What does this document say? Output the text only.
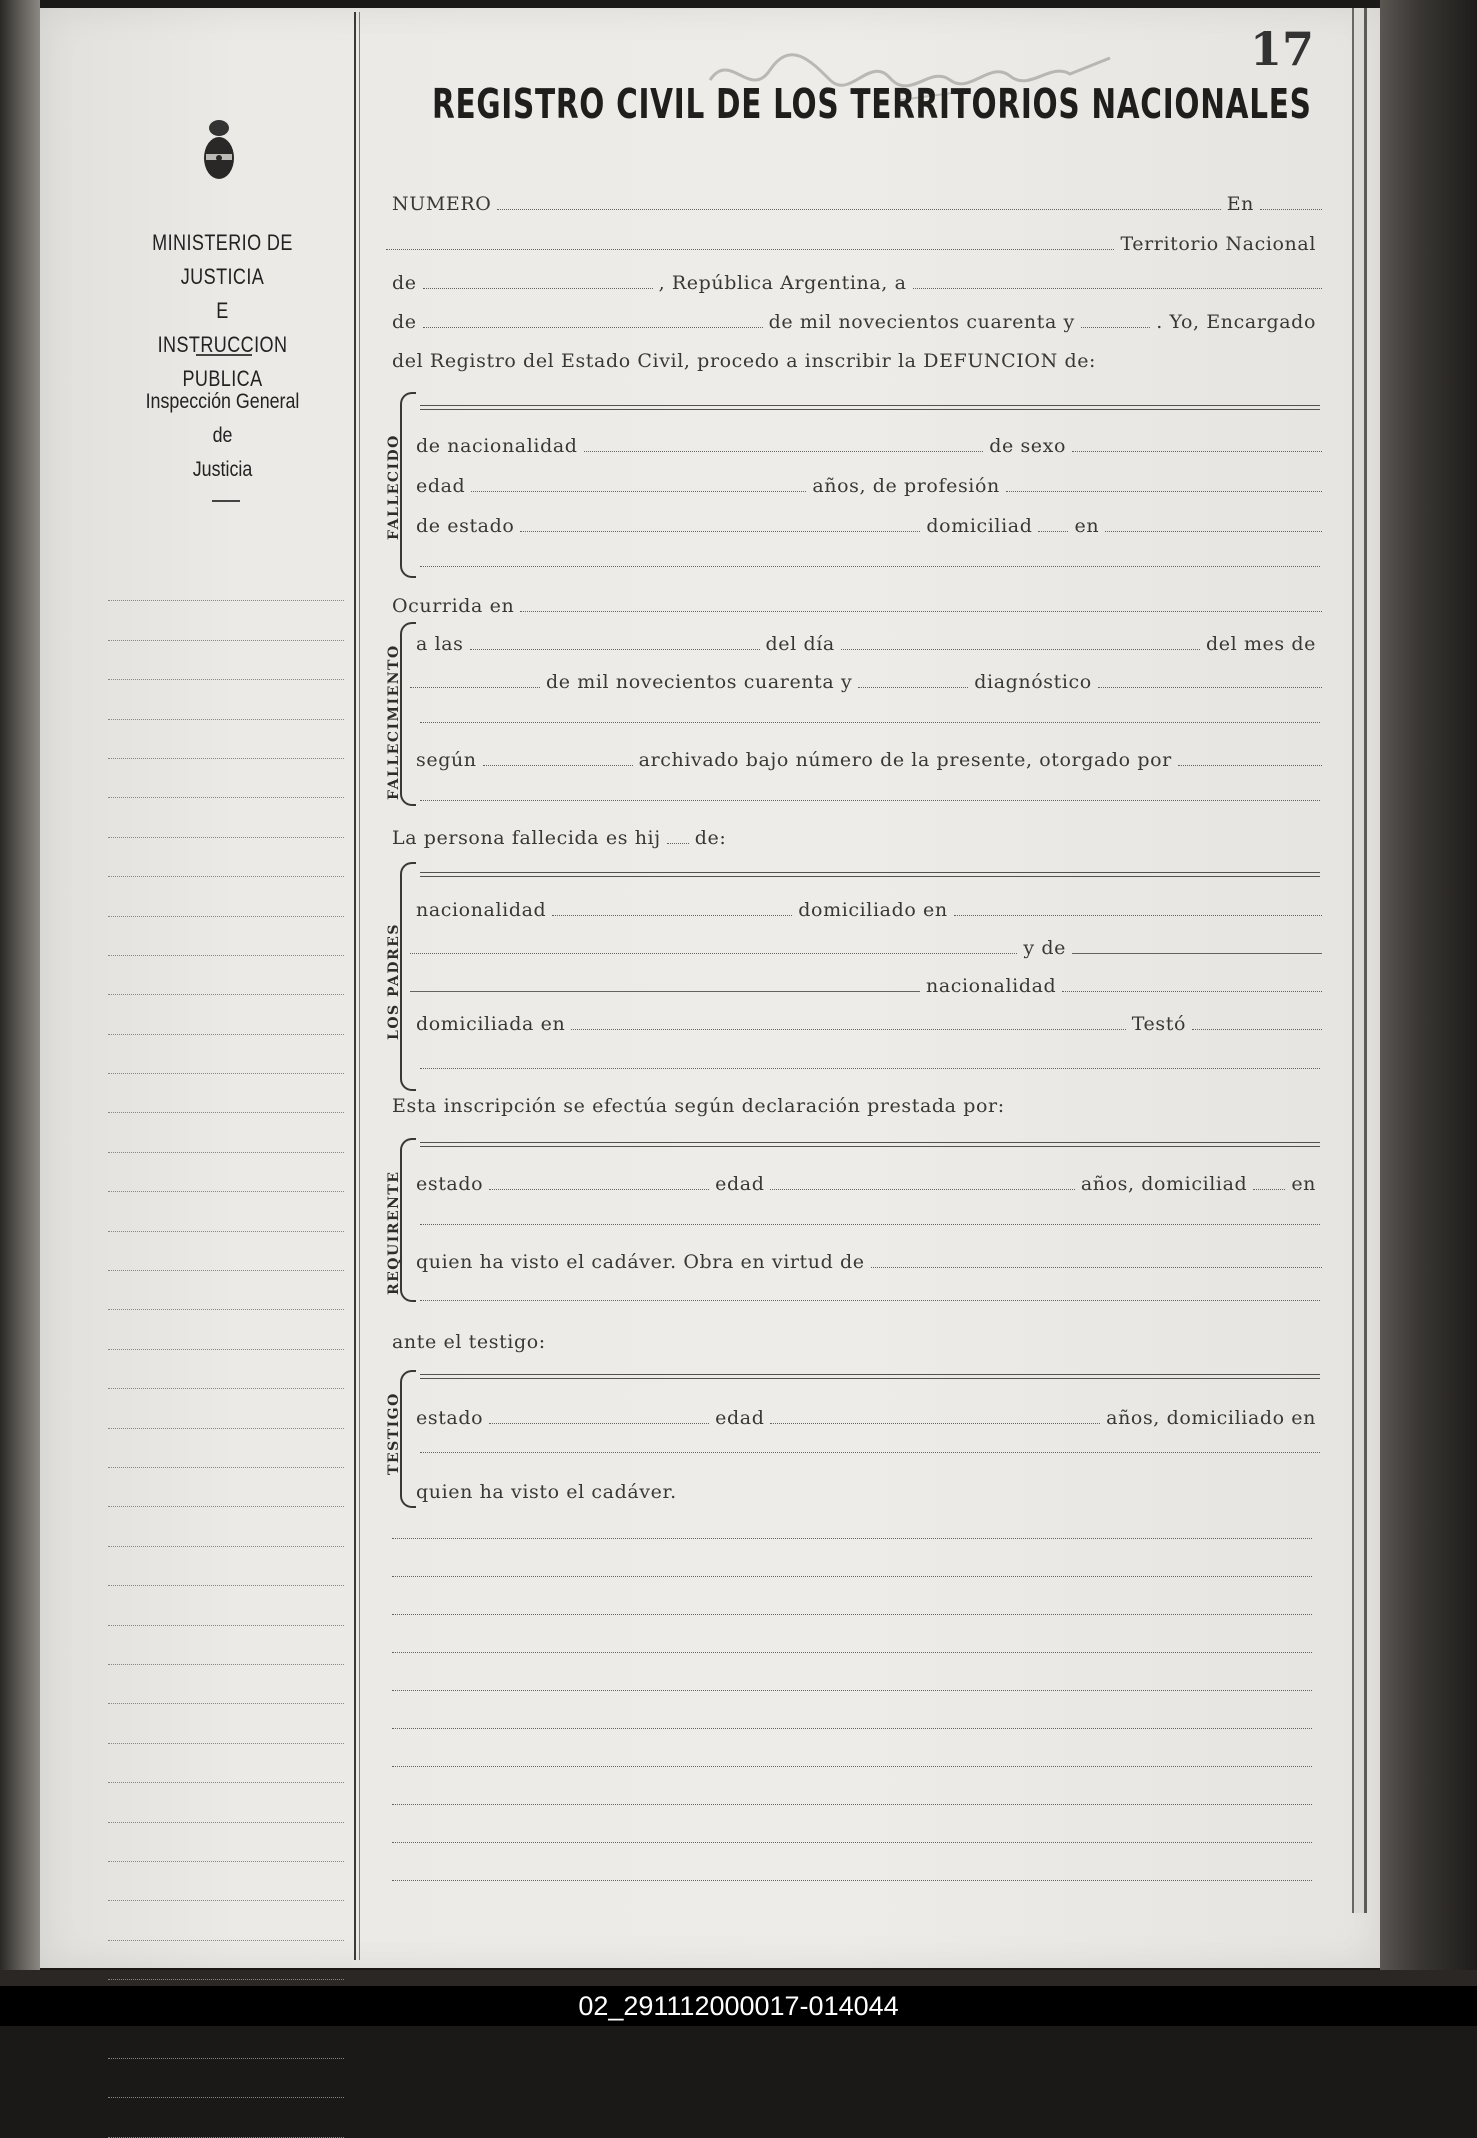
MINISTERIO DE JUSTICIA
E
INSTRUCCION PUBLICA
Inspección General
de
Justicia
17
REGISTRO CIVIL DE LOS TERRITORIOS NACIONALES
NUMERO	En
Territorio Nacional
de	, República Argentina, a
de	de mil novecientos cuarenta y	. Yo, Encargado
del Registro del Estado Civil, procedo a inscribir la DEFUNCION de:
FALLECIDO de nacionalidad	de sexo
edad	años, de profesión
de estado	domiciliad	en
Ocurrida en
FALLECIMIENTO
a las	del día	del mes de
de mil novecientos cuarenta y	diagnóstico
según	archivado bajo número de la presente, otorgado por
La persona fallecida es hij	de:
LOS PADRES
nacionalidad	domiciliado en
y de
nacionalidad
domiciliada en	Testó
Esta inscripción se efectúa según declaración prestada por:
REQUIRENTE estado	edad	años, domiciliad	en
quien ha visto el cadáver. Obra en virtud de
ante el testigo:
TESTIGO estado	edad	años, domiciliado en
quien ha visto el cadáver.
02_291112000017-014044
